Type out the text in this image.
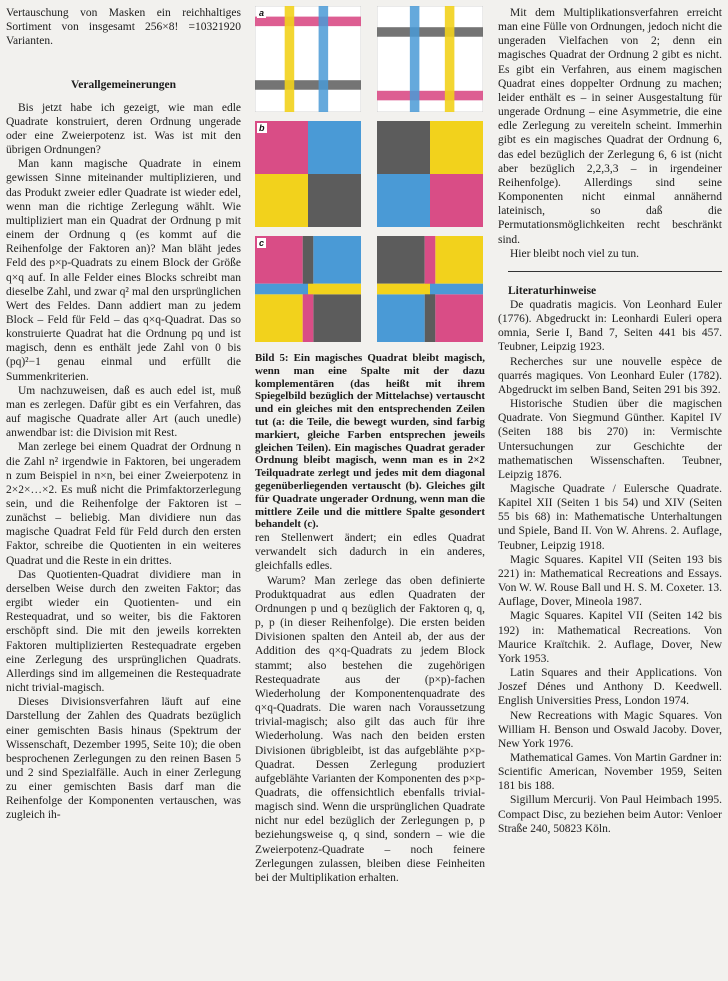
Vertauschung von Masken ein reichhaltiges Sortiment von insgesamt 256×8! =10321920 Varianten.

Verallgemeinerungen

Bis jetzt habe ich gezeigt, wie man edle Quadrate konstruiert, deren Ordnung ungerade oder eine Zweierpotenz ist. Was ist mit den übrigen Ordnungen?

Man kann magische Quadrate in einem gewissen Sinne miteinander multiplizieren, und das Produkt zweier edler Quadrate ist wieder edel, wenn man die richtige Zerlegung wählt. Wie multipliziert man ein Quadrat der Ordnung p mit einem der Ordnung q (es kommt auf die Reihenfolge der Faktoren an)? Man bläht jedes Feld des p×p-Quadrats zu einem Block der Größe q×q auf. In alle Felder eines Blocks schreibt man dieselbe Zahl, und zwar q² mal den ursprünglichen Wert des Feldes. Dann addiert man zu jedem Block – Feld für Feld – das q×q-Quadrat. Das so konstruierte Quadrat hat die Ordnung pq und ist magisch, denn es enthält jede Zahl von 0 bis (pq)²−1 genau einmal und erfüllt die Summenkriterien.

Um nachzuweisen, daß es auch edel ist, muß man es zerlegen. Dafür gibt es ein Verfahren, das auf magische Quadrate aller Art (auch unedle) anwendbar ist: die Division mit Rest.

Man zerlege bei einem Quadrat der Ordnung n die Zahl n² irgendwie in Faktoren, bei ungeradem n zum Beispiel in n×n, bei einer Zweierpotenz in 2×2×…×2. Es muß nicht die Primfaktorzerlegung sein, und die Reihenfolge der Faktoren ist – zunächst – beliebig. Man dividiere nun das magische Quadrat Feld für Feld durch den ersten Faktor, schreibe die Quotienten in ein weiteres Quadrat und die Reste in ein drittes.

Das Quotienten-Quadrat dividiere man in derselben Weise durch den zweiten Faktor; das ergibt wieder ein Quotienten- und ein Restequadrat, und so weiter, bis die Faktoren erschöpft sind. Die mit den jeweils korrekten Faktoren multiplizierten Restequadrate ergeben eine Zerlegung des ursprünglichen Quadrats. Allerdings sind im allgemeinen die Restequadrate nicht trivial-magisch.

Dieses Divisionsverfahren läuft auf eine Darstellung der Zahlen des Quadrats bezüglich einer gemischten Basis hinaus (Spektrum der Wissenschaft, Dezember 1995, Seite 10); die oben besprochenen Zerlegungen zu den reinen Basen 5 und 2 sind Spezialfälle. Auch in einer Zerlegung zu einer gemischten Basis darf man die Reihenfolge der Komponenten vertauschen, was zugleich ih-

a
b
c

Bild 5: Ein magisches Quadrat bleibt magisch, wenn man eine Spalte mit der dazu komplementären (das heißt mit ihrem Spiegelbild bezüglich der Mittelachse) vertauscht und ein gleiches mit den entsprechenden Zeilen tut (a: die Teile, die bewegt wurden, sind farbig markiert, gleiche Farben entsprechen jeweils gleichen Teilen). Ein magisches Quadrat gerader Ordnung bleibt magisch, wenn man es in 2×2 Teilquadrate zerlegt und jedes mit dem diagonal gegenüberliegenden vertauscht (b). Gleiches gilt für Quadrate ungerader Ordnung, wenn man die mittlere Zeile und die mittlere Spalte gesondert behandelt (c).

ren Stellenwert ändert; ein edles Quadrat verwandelt sich dadurch in ein anderes, gleichfalls edles.

Warum? Man zerlege das oben definierte Produktquadrat aus edlen Quadraten der Ordnungen p und q bezüglich der Faktoren q, q, p, p (in dieser Reihenfolge). Die ersten beiden Divisionen spalten den Anteil ab, der aus der Addition des q×q-Quadrats zu jedem Block stammt; also bestehen die zugehörigen Restequadrate aus der (p×p)-fachen Wiederholung der Komponentenquadrate des q×q-Quadrats. Die waren nach Voraussetzung trivial-magisch; also gilt das auch für ihre Wiederholung. Was nach den beiden ersten Divisionen übrigbleibt, ist das aufgeblähte p×p-Quadrat. Dessen Zerlegung produziert aufgeblähte Varianten der Komponenten des p×p-Quadrats, die offensichtlich ebenfalls trivial-magisch sind. Wenn die ursprünglichen Quadrate nicht nur edel bezüglich der Zerlegungen p, p beziehungsweise q, q sind, sondern – wie die Zweierpotenz-Quadrate – noch feinere Zerlegungen zulassen, bleiben diese Feinheiten bei der Multiplikation erhalten.

Mit dem Multiplikationsverfahren erreicht man eine Fülle von Ordnungen, jedoch nicht die ungeraden Vielfachen von 2; denn ein magisches Quadrat der Ordnung 2 gibt es nicht. Es gibt ein Verfahren, aus einem magischen Quadrat eines doppelter Ordnung zu machen; leider enthält es – in seiner Ausgestaltung für ungerade Ordnung – eine Asymmetrie, die eine edle Zerlegung zu vereiteln scheint. Immerhin gibt es ein magisches Quadrat der Ordnung 6, das edel bezüglich der Zerlegung 6, 6 ist (nicht aber bezüglich 2,2,3,3 – in irgendeiner Reihenfolge). Allerdings sind seine Komponenten nicht einmal annähernd lateinisch, so daß die Permutationsmöglichkeiten recht beschränkt sind.

Hier bleibt noch viel zu tun.

Literaturhinweise

De quadratis magicis. Von Leonhard Euler (1776). Abgedruckt in: Leonhardi Euleri opera omnia, Serie I, Band 7, Seiten 441 bis 457. Teubner, Leipzig 1923.

Recherches sur une nouvelle espèce de quarrés magiques. Von Leonhard Euler (1782). Abgedruckt im selben Band, Seiten 291 bis 392.

Historische Studien über die magischen Quadrate. Von Siegmund Günther. Kapitel IV (Seiten 188 bis 270) in: Vermischte Untersuchungen zur Geschichte der mathematischen Wissenschaften. Teubner, Leipzig 1876.

Magische Quadrate / Eulersche Quadrate. Kapitel XII (Seiten 1 bis 54) und XIV (Seiten 55 bis 68) in: Mathematische Unterhaltungen und Spiele, Band II. Von W. Ahrens. 2. Auflage, Teubner, Leipzig 1918.

Magic Squares. Kapitel VII (Seiten 193 bis 221) in: Mathematical Recreations and Essays. Von W. W. Rouse Ball und H. S. M. Coxeter. 13. Auflage, Dover, Mineola 1987.

Magic Squares. Kapitel VII (Seiten 142 bis 192) in: Mathematical Recreations. Von Maurice Kraïtchik. 2. Auflage, Dover, New York 1953.

Latin Squares and their Applications. Von Joszef Dénes und Anthony D. Keedwell. English Universities Press, London 1974.

New Recreations with Magic Squares. Von William H. Benson und Oswald Jacoby. Dover, New York 1976.

Mathematical Games. Von Martin Gardner in: Scientific American, November 1959, Seiten 181 bis 188.

Sigillum Mercurij. Von Paul Heimbach 1995. Compact Disc, zu beziehen beim Autor: Venloer Straße 240, 50823 Köln.
